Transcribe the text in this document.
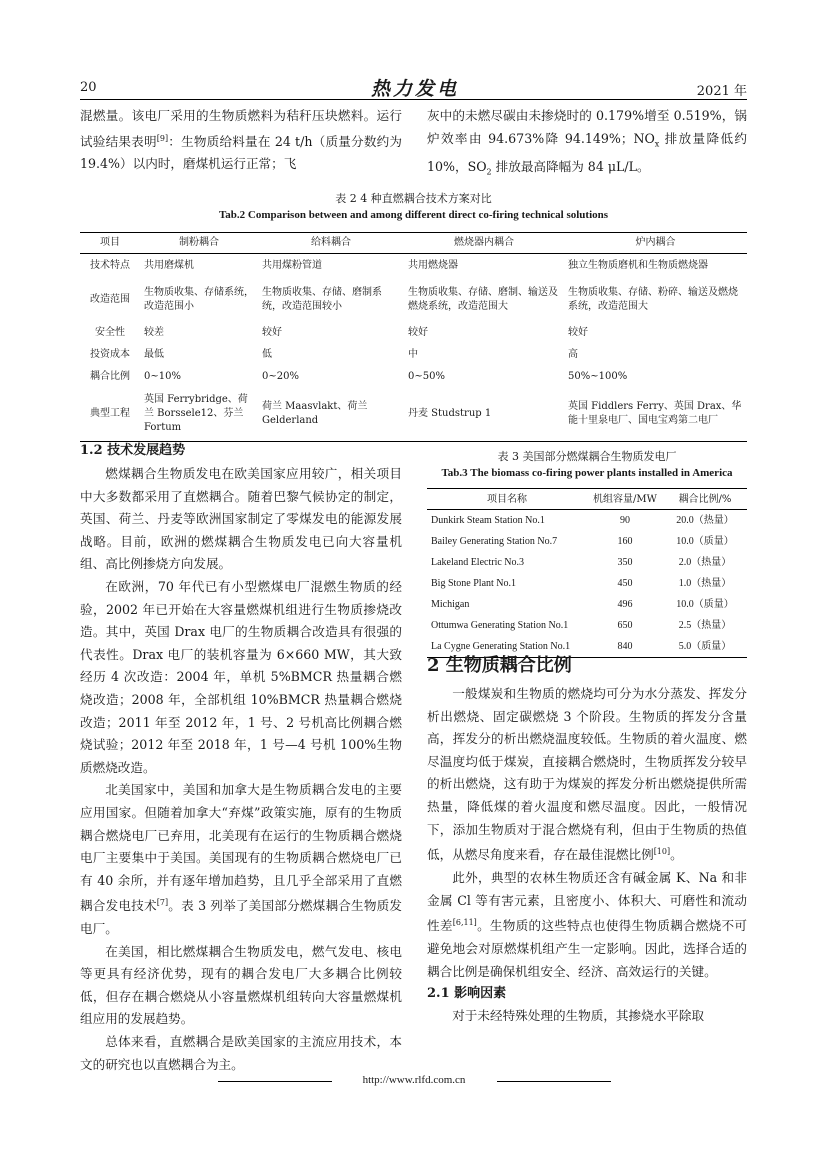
20	热力发电	2021 年

混燃量。该电厂采用的生物质燃料为秸秆压块燃料。运行试验结果表明[9]：生物质给料量在 24 t/h（质量分数约为 19.4%）以内时，磨煤机运行正常；飞

灰中的未燃尽碳由未掺烧时的 0.179%增至 0.519%，锅炉效率由 94.673%降 94.149%；$NO_x$ 排放量降低约 10%，$SO_2$ 排放最高降幅为 84 μL/L。

表 2 4 种直燃耦合技术方案对比
Tab.2 Comparison between and among different direct co-firing technical solutions
项目	制粉耦合	给料耦合	燃烧器内耦合	炉内耦合
技术特点	共用磨煤机	共用煤粉管道	共用燃烧器	独立生物质磨机和生物质燃烧器
改造范围	生物质收集、存储系统，改造范围小	生物质收集、存储、磨制系统，改造范围较小	生物质收集、存储、磨制、输送及燃烧系统，改造范围大	生物质收集、存储、粉碎、输送及燃烧系统，改造范围大
安全性	较差	较好	较好	较好
投资成本	最低	低	中	高
耦合比例	0~10%	0~20%	0~50%	50%~100%
典型工程	英国 Ferrybridge、荷兰 Borssele12、芬兰 Fortum	荷兰 Maasvlakt、荷兰 Gelderland	丹麦 Studstrup 1	英国 Fiddlers Ferry、英国 Drax、华能十里泉电厂、国电宝鸡第二电厂
1.2 技术发展趋势

燃煤耦合生物质发电在欧美国家应用较广，相关项目中大多数都采用了直燃耦合。随着巴黎气候协定的制定，英国、荷兰、丹麦等欧洲国家制定了零煤发电的能源发展战略。目前，欧洲的燃煤耦合生物质发电已向大容量机组、高比例掺烧方向发展。

在欧洲，70 年代已有小型燃煤电厂混燃生物质的经验，2002 年已开始在大容量燃煤机组进行生物质掺烧改造。其中，英国 Drax 电厂的生物质耦合改造具有很强的代表性。Drax 电厂的装机容量为 6×660 MW，其大致经历 4 次改造：2004 年，单机 5%BMCR 热量耦合燃烧改造；2008 年，全部机组 10%BMCR 热量耦合燃烧改造；2011 年至 2012 年，1 号、2 号机高比例耦合燃烧试验；2012 年至 2018 年，1 号—4 号机 100%生物质燃烧改造。

北美国家中，美国和加拿大是生物质耦合发电的主要应用国家。但随着加拿大“弃煤”政策实施，原有的生物质耦合燃烧电厂已弃用，北美现有在运行的生物质耦合燃烧电厂主要集中于美国。美国现有的生物质耦合燃烧电厂已有 40 余所，并有逐年增加趋势，且几乎全部采用了直燃耦合发电技术[7]。表 3 列举了美国部分燃煤耦合生物质发电厂。

在美国，相比燃煤耦合生物质发电，燃气发电、核电等更具有经济优势，现有的耦合发电厂大多耦合比例较低，但存在耦合燃烧从小容量燃煤机组转向大容量燃煤机组应用的发展趋势。

总体来看，直燃耦合是欧美国家的主流应用技术，本文的研究也以直燃耦合为主。

表 3 美国部分燃煤耦合生物质发电厂
Tab.3 The biomass co-firing power plants installed in America
项目名称	机组容量/MW	耦合比例/%
Dunkirk Steam Station No.1	90	20.0（热量）
Bailey Generating Station No.7	160	10.0（质量）
Lakeland Electric No.3	350	2.0（热量）
Big Stone Plant No.1	450	1.0（热量）
Michigan	496	10.0（质量）
Ottumwa Generating Station No.1	650	2.5（热量）
La Cygne Generating Station No.1	840	5.0（质量）
2 生物质耦合比例

一般煤炭和生物质的燃烧均可分为水分蒸发、挥发分析出燃烧、固定碳燃烧 3 个阶段。生物质的挥发分含量高，挥发分的析出燃烧温度较低。生物质的着火温度、燃尽温度均低于煤炭，直接耦合燃烧时，生物质挥发分较早的析出燃烧，这有助于为煤炭的挥发分析出燃烧提供所需热量，降低煤的着火温度和燃尽温度。因此，一般情况下，添加生物质对于混合燃烧有利，但由于生物质的热值低，从燃尽角度来看，存在最佳混燃比例[10]。

此外，典型的农林生物质还含有碱金属 K、Na 和非金属 Cl 等有害元素，且密度小、体积大、可磨性和流动性差[6,11]。生物质的这些特点也使得生物质耦合燃烧不可避免地会对原燃煤机组产生一定影响。因此，选择合适的耦合比例是确保机组安全、经济、高效运行的关键。

2.1 影响因素

对于未经特殊处理的生物质，其掺烧水平除取

http://www.rlfd.com.cn
